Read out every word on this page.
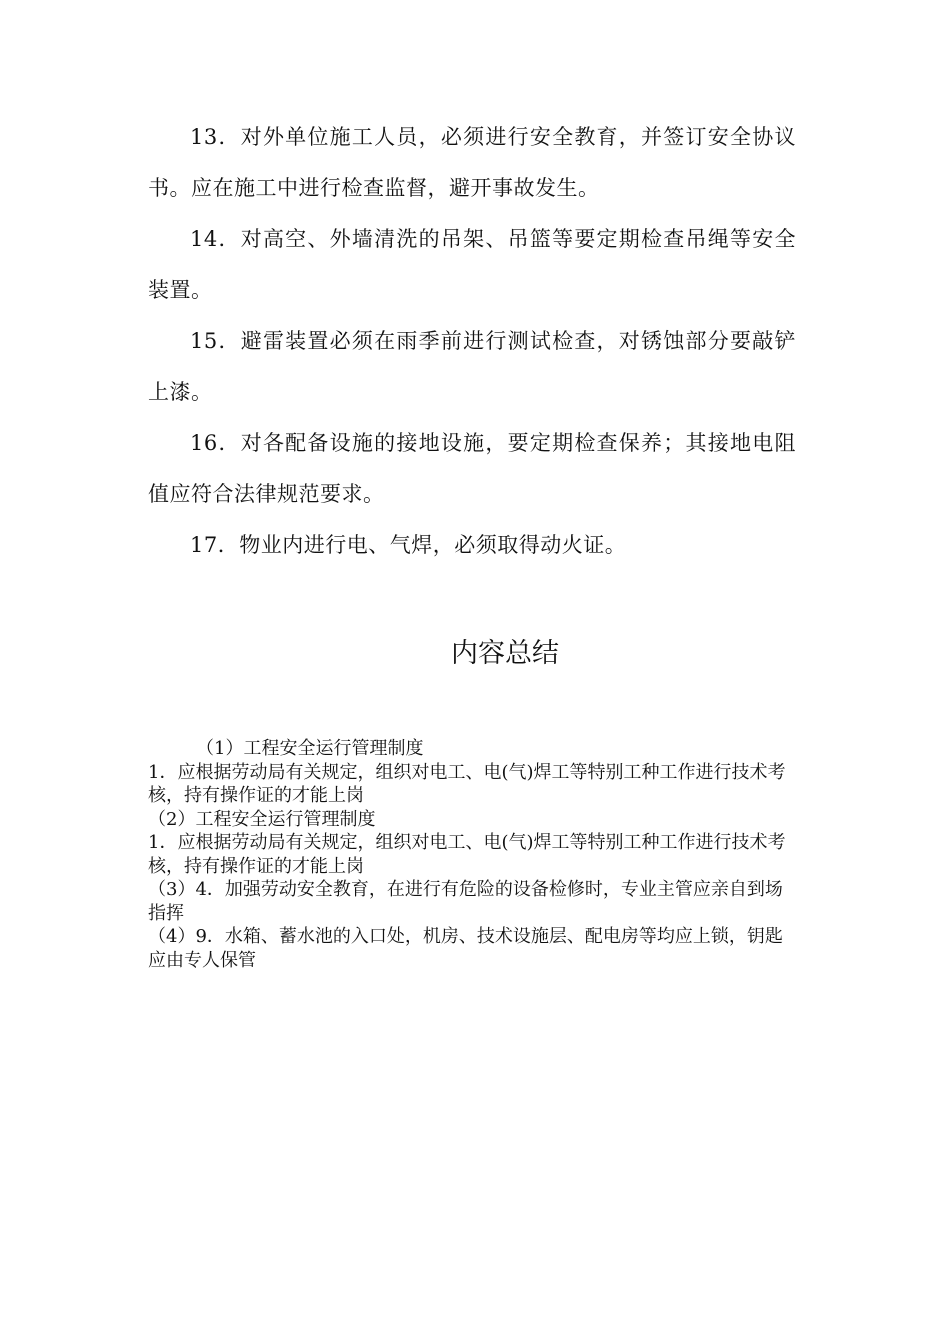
13．对外单位施工人员，必须进行安全教育，并签订安全协议书。应在施工中进行检查监督，避开事故发生。

14．对高空、外墙清洗的吊架、吊篮等要定期检查吊绳等安全装置。

15．避雷装置必须在雨季前进行测试检查，对锈蚀部分要敲铲上漆。

16．对各配备设施的接地设施，要定期检查保养；其接地电阻值应符合法律规范要求。

17．物业内进行电、气焊，必须取得动火证。

内容总结

（1）工程安全运行管理制度

1．应根据劳动局有关规定，组织对电工、电(气)焊工等特别工种工作进行技术考核，持有操作证的才能上岗

（2）工程安全运行管理制度

1．应根据劳动局有关规定，组织对电工、电(气)焊工等特别工种工作进行技术考核，持有操作证的才能上岗

（3）4．加强劳动安全教育，在进行有危险的设备检修时，专业主管应亲自到场指挥

（4）9．水箱、蓄水池的入口处，机房、技术设施层、配电房等均应上锁，钥匙应由专人保管
